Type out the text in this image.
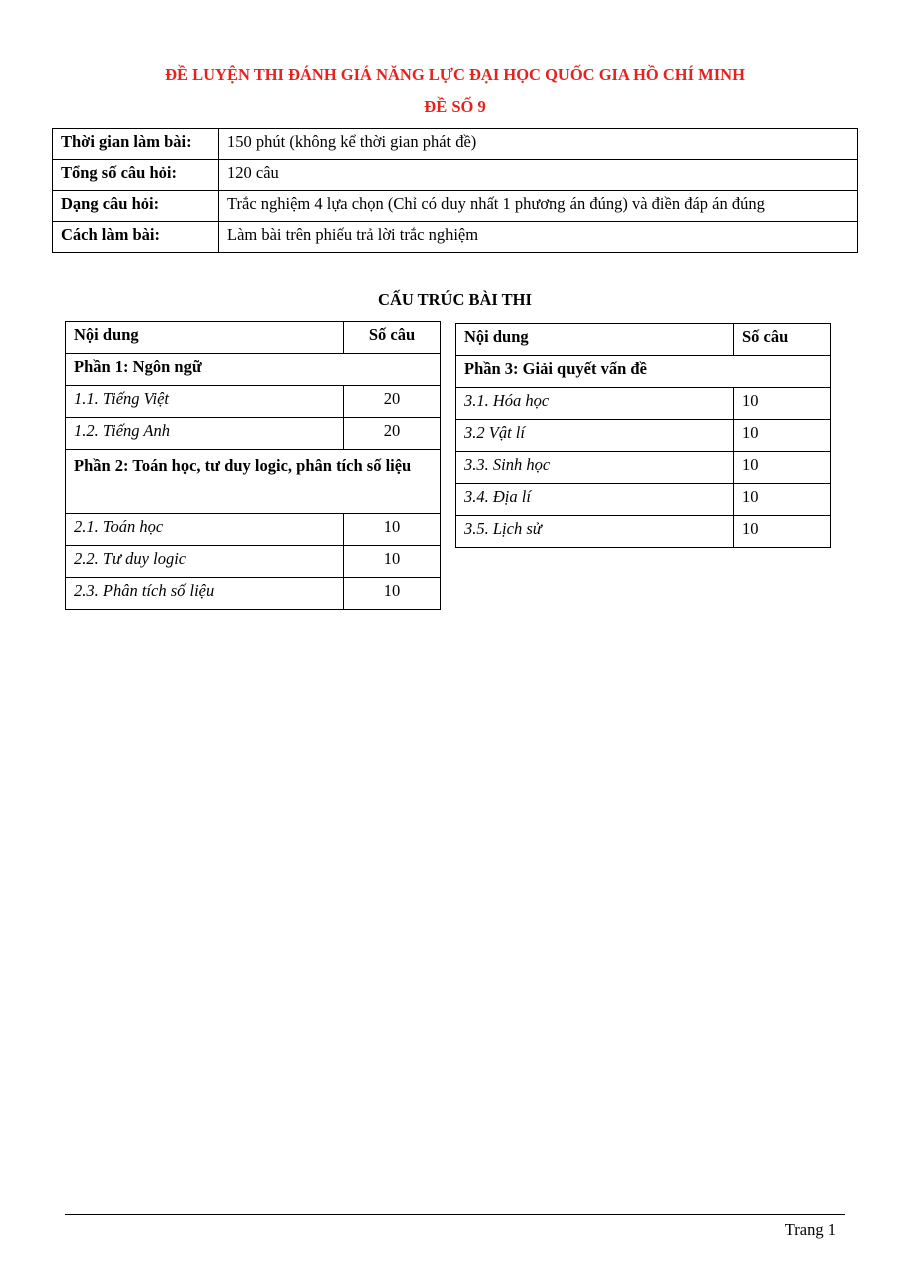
ĐỀ LUYỆN THI ĐÁNH GIÁ NĂNG LỰC ĐẠI HỌC QUỐC GIA HỒ CHÍ MINH
ĐỀ SỐ 9
Thời gian làm bài:	150 phút (không kể thời gian phát đề)
Tổng số câu hỏi:	120 câu
Dạng câu hỏi:	Trắc nghiệm 4 lựa chọn (Chỉ có duy nhất 1 phương án đúng) và điền đáp án đúng
Cách làm bài:	Làm bài trên phiếu trả lời trắc nghiệm
CẤU TRÚC BÀI THI
Nội dung	Số câu
Phần 1: Ngôn ngữ	
1.1. Tiếng Việt	20
1.2. Tiếng Anh	20
Phần 2: Toán học, tư duy logic, phân tích số liệu	
2.1. Toán học	10
2.2. Tư duy logic	10
2.3. Phân tích số liệu	10
Nội dung	Số câu
Phần 3: Giải quyết vấn đề	
3.1. Hóa học	10
3.2 Vật lí	10
3.3. Sinh học	10
3.4. Địa lí	10
3.5. Lịch sử	10
Trang 1
